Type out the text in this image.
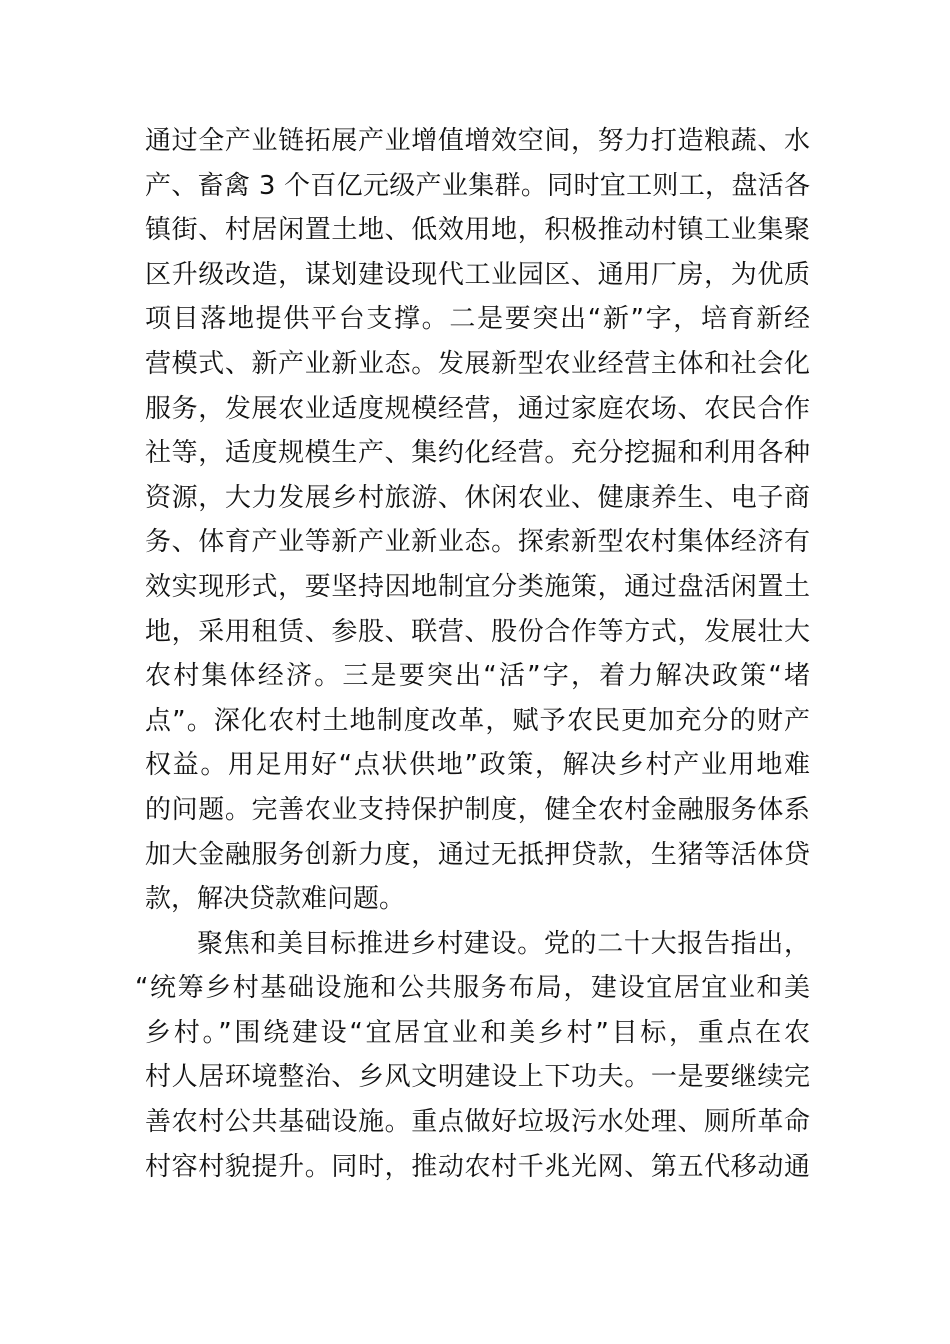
通过全产业链拓展产业增值增效空间，努力打造粮蔬、水
产、畜禽 3 个百亿元级产业集群。同时宜工则工，盘活各
镇街、村居闲置土地、低效用地，积极推动村镇工业集聚
区升级改造，谋划建设现代工业园区、通用厂房，为优质
项目落地提供平台支撑。二是要突出“新”字，培育新经
营模式、新产业新业态。发展新型农业经营主体和社会化
服务，发展农业适度规模经营，通过家庭农场、农民合作
社等，适度规模生产、集约化经营。充分挖掘和利用各种
资源，大力发展乡村旅游、休闲农业、健康养生、电子商
务、体育产业等新产业新业态。探索新型农村集体经济有
效实现形式，要坚持因地制宜分类施策，通过盘活闲置土
地，采用租赁、参股、联营、股份合作等方式，发展壮大
农村集体经济。三是要突出“活”字，着力解决政策“堵
点”。深化农村土地制度改革，赋予农民更加充分的财产
权益。用足用好“点状供地”政策，解决乡村产业用地难
的问题。完善农业支持保护制度，健全农村金融服务体系
加大金融服务创新力度，通过无抵押贷款，生猪等活体贷
款，解决贷款难问题。
聚焦和美目标推进乡村建设。党的二十大报告指出，
“统筹乡村基础设施和公共服务布局，建设宜居宜业和美
乡村。”围绕建设“宜居宜业和美乡村”目标，重点在农
村人居环境整治、乡风文明建设上下功夫。一是要继续完
善农村公共基础设施。重点做好垃圾污水处理、厕所革命
村容村貌提升。同时，推动农村千兆光网、第五代移动通
